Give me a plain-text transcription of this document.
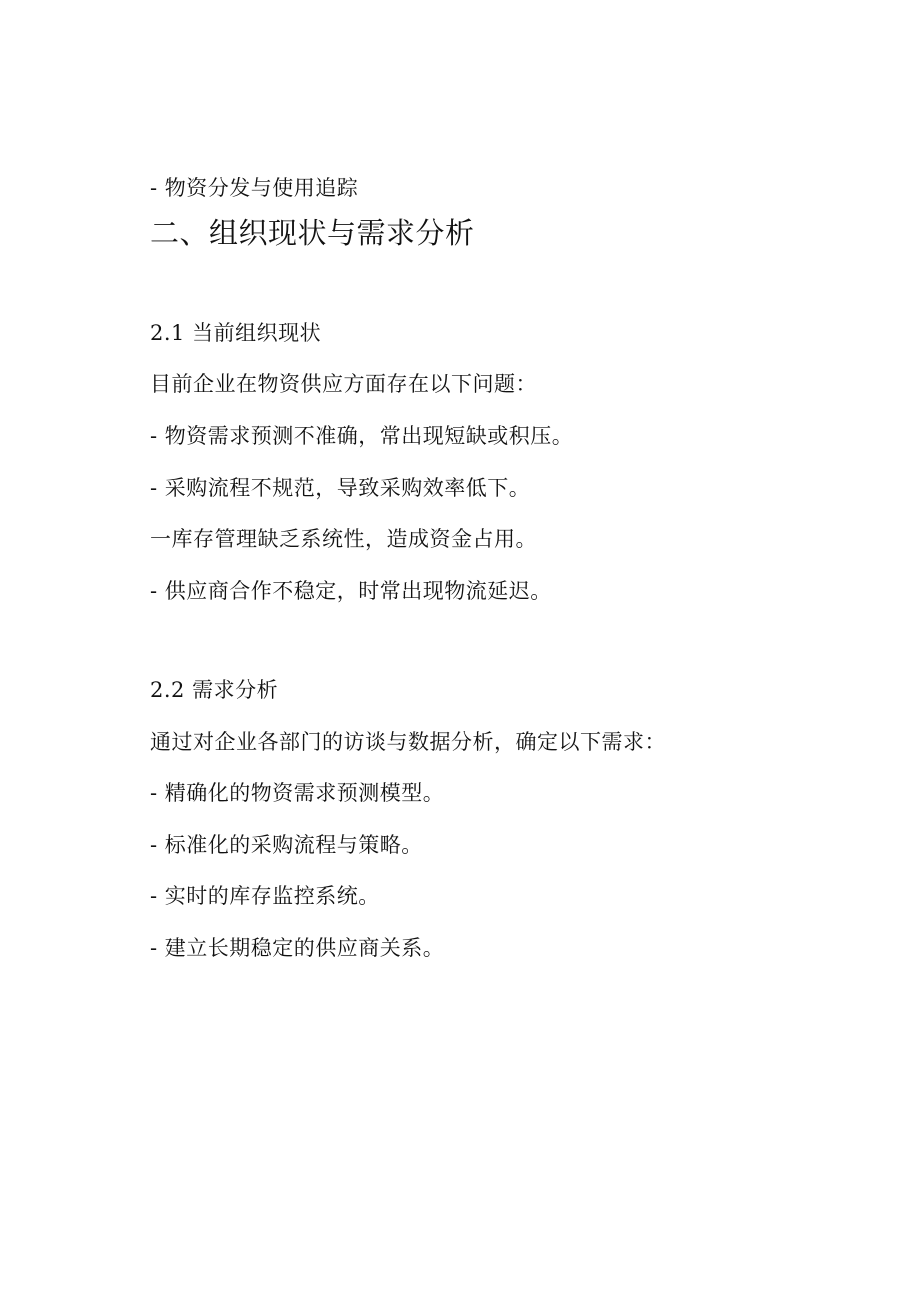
- 物资分发与使用追踪
二、组织现状与需求分析
2.1 当前组织现状
目前企业在物资供应方面存在以下问题：
- 物资需求预测不准确，常出现短缺或积压。
- 采购流程不规范，导致采购效率低下。
一库存管理缺乏系统性，造成资金占用。
- 供应商合作不稳定，时常出现物流延迟。
2.2 需求分析
通过对企业各部门的访谈与数据分析，确定以下需求：
- 精确化的物资需求预测模型。
- 标准化的采购流程与策略。
- 实时的库存监控系统。
- 建立长期稳定的供应商关系。
